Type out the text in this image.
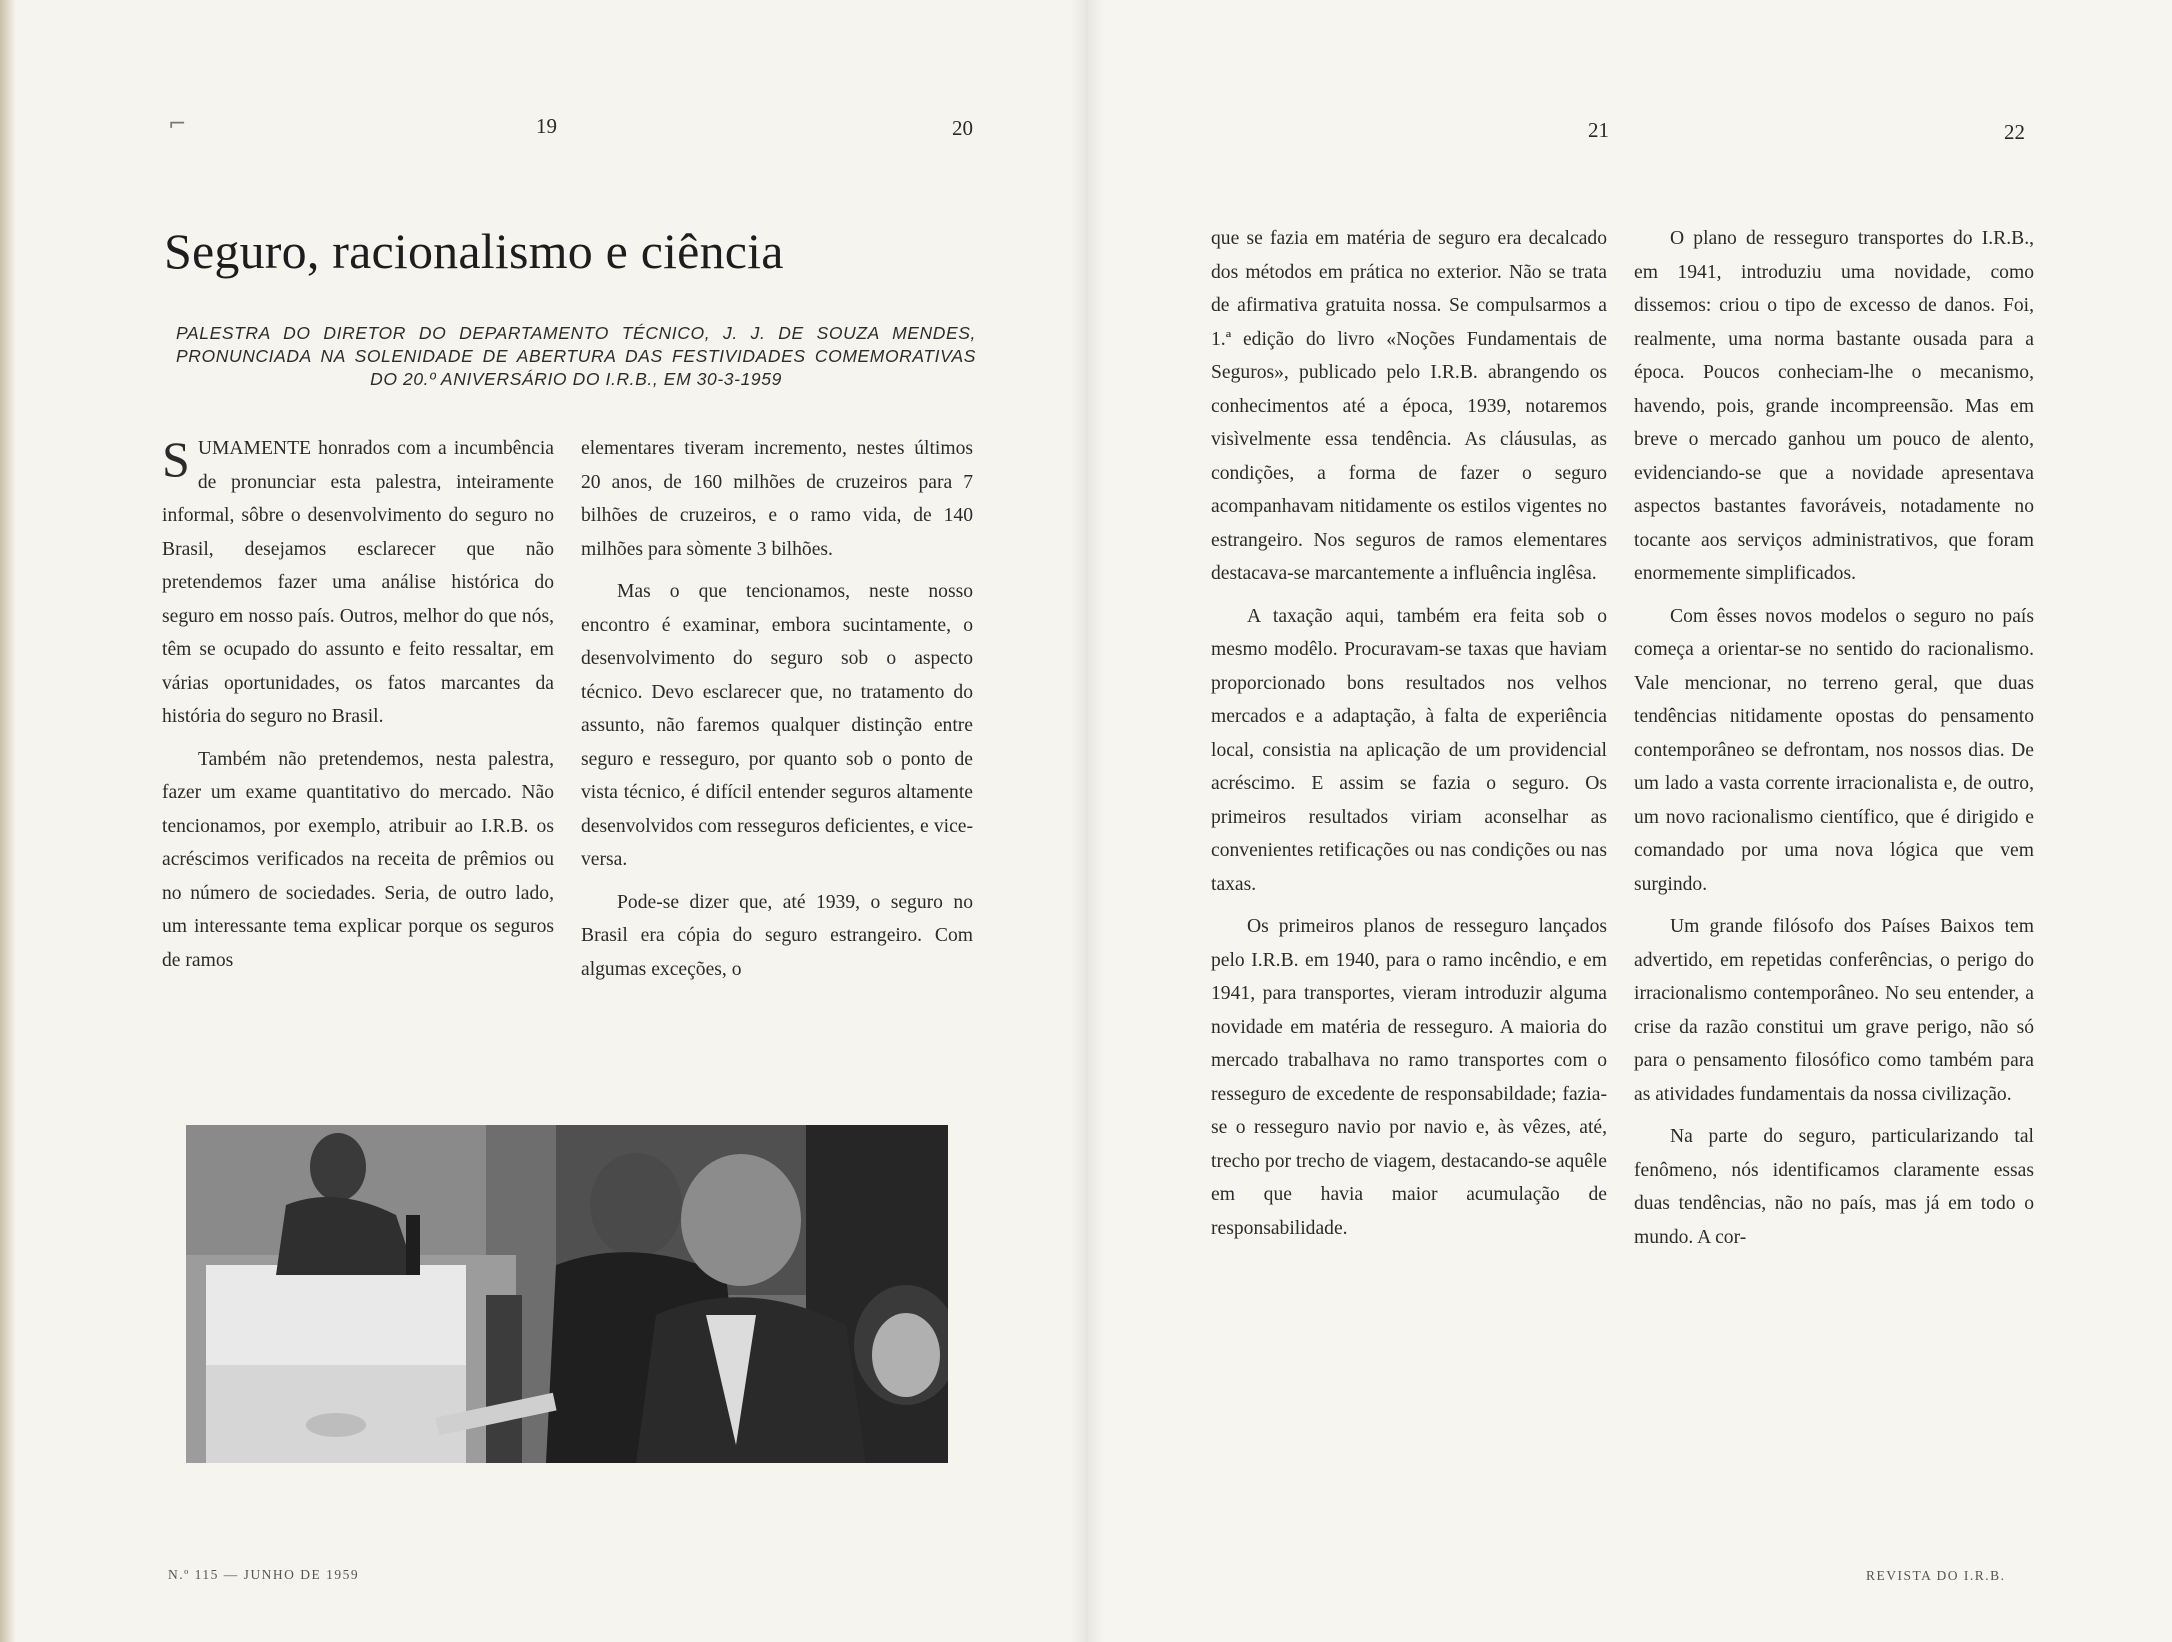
⌐	19	20
Seguro, racionalismo e ciência

PALESTRA DO DIRETOR DO DEPARTAMENTO TÉCNICO, J. J. DE SOUZA MENDES, PRONUNCIADA NA SOLENIDADE DE ABERTURA DAS FESTIVIDADES COMEMORATIVAS DO 20.º ANIVERSÁRIO DO I.R.B., EM 30-3-1959

SUMAMENTE honrados com a incumbência de pronunciar esta palestra, inteiramente informal, sôbre o desenvolvimento do seguro no Brasil, desejamos esclarecer que não pretendemos fazer uma análise histórica do seguro em nosso país. Outros, melhor do que nós, têm se ocupado do assunto e feito ressaltar, em várias oportunidades, os fatos marcantes da história do seguro no Brasil.

Também não pretendemos, nesta palestra, fazer um exame quantitativo do mercado. Não tencionamos, por exemplo, atribuir ao I.R.B. os acréscimos verificados na receita de prêmios ou no número de sociedades. Seria, de outro lado, um interessante tema explicar porque os seguros de ramos

elementares tiveram incremento, nestes últimos 20 anos, de 160 milhões de cruzeiros para 7 bilhões de cruzeiros, e o ramo vida, de 140 milhões para sòmente 3 bilhões.

Mas o que tencionamos, neste nosso encontro é examinar, embora sucintamente, o desenvolvimento do seguro sob o aspecto técnico. Devo esclarecer que, no tratamento do assunto, não faremos qualquer distinção entre seguro e resseguro, por quanto sob o ponto de vista técnico, é difícil entender seguros altamente desenvolvidos com resseguros deficientes, e vice-versa.

Pode-se dizer que, até 1939, o seguro no Brasil era cópia do seguro estrangeiro. Com algumas exceções, o

N.º 115 — JUNHO DE 1959
21	22

que se fazia em matéria de seguro era decalcado dos métodos em prática no exterior. Não se trata de afirmativa gratuita nossa. Se compulsarmos a 1.ª edição do livro «Noções Fundamentais de Seguros», publicado pelo I.R.B. abrangendo os conhecimentos até a época, 1939, notaremos visìvelmente essa tendência. As cláusulas, as condições, a forma de fazer o seguro acompanhavam nitidamente os estilos vigentes no estrangeiro. Nos seguros de ramos elementares destacava-se marcantemente a influência inglêsa.

A taxação aqui, também era feita sob o mesmo modêlo. Procuravam-se taxas que haviam proporcionado bons resultados nos velhos mercados e a adaptação, à falta de experiência local, consistia na aplicação de um providencial acréscimo. E assim se fazia o seguro. Os primeiros resultados viriam aconselhar as convenientes retificações ou nas condições ou nas taxas.

Os primeiros planos de resseguro lançados pelo I.R.B. em 1940, para o ramo incêndio, e em 1941, para transportes, vieram introduzir alguma novidade em matéria de resseguro. A maioria do mercado trabalhava no ramo transportes com o resseguro de excedente de responsabildade; fazia-se o resseguro navio por navio e, às vêzes, até, trecho por trecho de viagem, destacando-se aquêle em que havia maior acumulação de responsabilidade.

O plano de resseguro transportes do I.R.B., em 1941, introduziu uma novidade, como dissemos: criou o tipo de excesso de danos. Foi, realmente, uma norma bastante ousada para a época. Poucos conheciam-lhe o mecanismo, havendo, pois, grande incompreensão. Mas em breve o mercado ganhou um pouco de alento, evidenciando-se que a novidade apresentava aspectos bastantes favoráveis, notadamente no tocante aos serviços administrativos, que foram enormemente simplificados.

Com êsses novos modelos o seguro no país começa a orientar-se no sentido do racionalismo. Vale mencionar, no terreno geral, que duas tendências nitidamente opostas do pensamento contemporâneo se defrontam, nos nossos dias. De um lado a vasta corrente irracionalista e, de outro, um novo racionalismo científico, que é dirigido e comandado por uma nova lógica que vem surgindo.

Um grande filósofo dos Países Baixos tem advertido, em repetidas conferências, o perigo do irracionalismo contemporâneo. No seu entender, a crise da razão constitui um grave perigo, não só para o pensamento filosófico como também para as atividades fundamentais da nossa civilização.

Na parte do seguro, particularizando tal fenômeno, nós identificamos claramente essas duas tendências, não no país, mas já em todo o mundo. A cor-

REVISTA DO I.R.B.
